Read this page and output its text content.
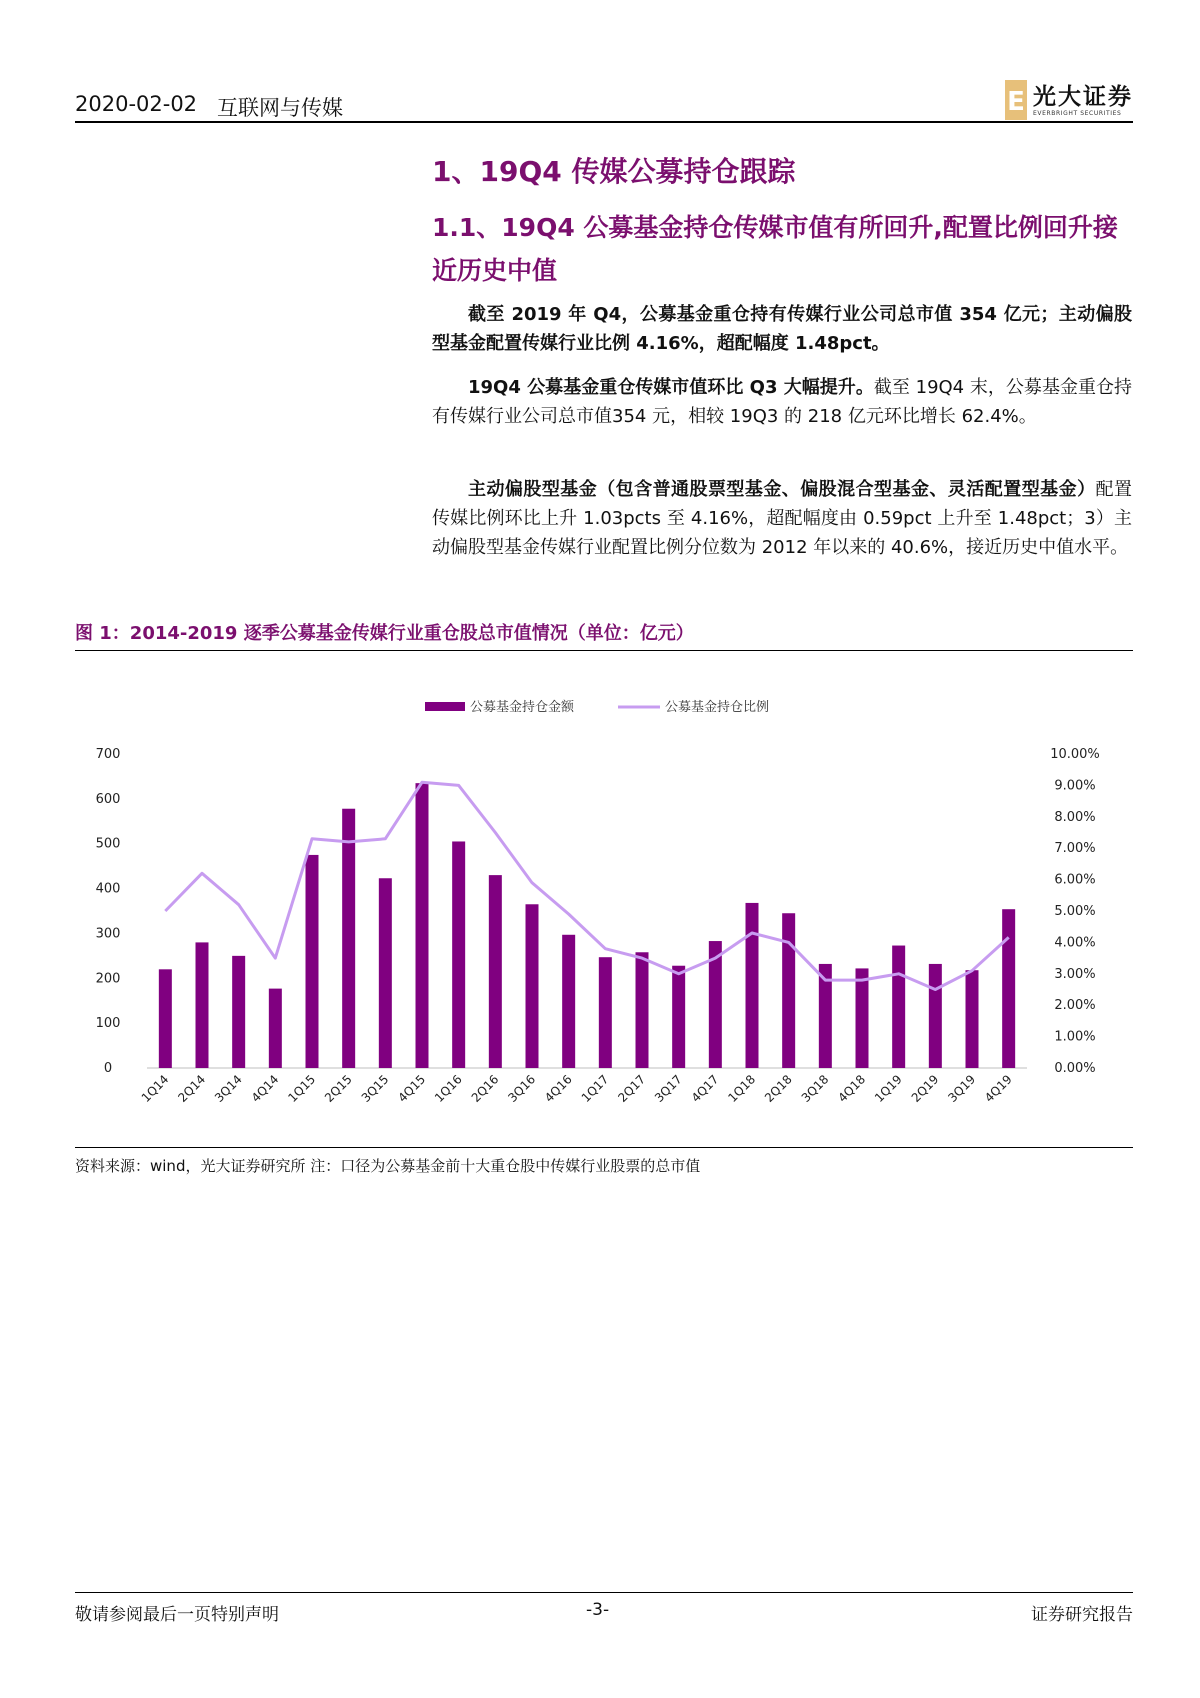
2020-02-02 互联网与传媒	E 光大证券
EVERBRIGHT SECURITIES
1、19Q4 传媒公募持仓跟踪
1.1、19Q4 公募基金持仓传媒市值有所回升,配置比例回升接近历史中值
截至 2019 年 Q4，公募基金重仓持有传媒行业公司总市值 354 亿元；主动偏股型基金配置传媒行业比例 4.16%，超配幅度 1.48pct。
19Q4 公募基金重仓传媒市值环比 Q3 大幅提升。截至 19Q4 末，公募基金重仓持有传媒行业公司总市值354 元，相较 19Q3 的 218 亿元环比增长 62.4%。
主动偏股型基金（包含普通股票型基金、偏股混合型基金、灵活配置型基金）配置传媒比例环比上升 1.03pcts 至 4.16%，超配幅度由 0.59pct 上升至 1.48pct；3）主动偏股型基金传媒行业配置比例分位数为 2012 年以来的 40.6%，接近历史中值水平。
图 1：2014-2019 逐季公募基金传媒行业重仓股总市值情况（单位：亿元）
公募基金持仓金额	公募基金持仓比例
0
100
200
300
400
500
600
700
0.00%
1.00%
2.00%
3.00%
4.00%
5.00%
6.00%
7.00%
8.00%
9.00%
10.00%
1Q14 2Q14 3Q14 4Q14 1Q15 2Q15 3Q15 4Q15 1Q16 2Q16 3Q16 4Q16 1Q17 2Q17 3Q17 4Q17 1Q18 2Q18 3Q18 4Q18 1Q19 2Q19 3Q19 4Q19
资料来源：wind，光大证券研究所 注：口径为公募基金前十大重仓股中传媒行业股票的总市值
敬请参阅最后一页特别声明	-3-	证券研究报告
